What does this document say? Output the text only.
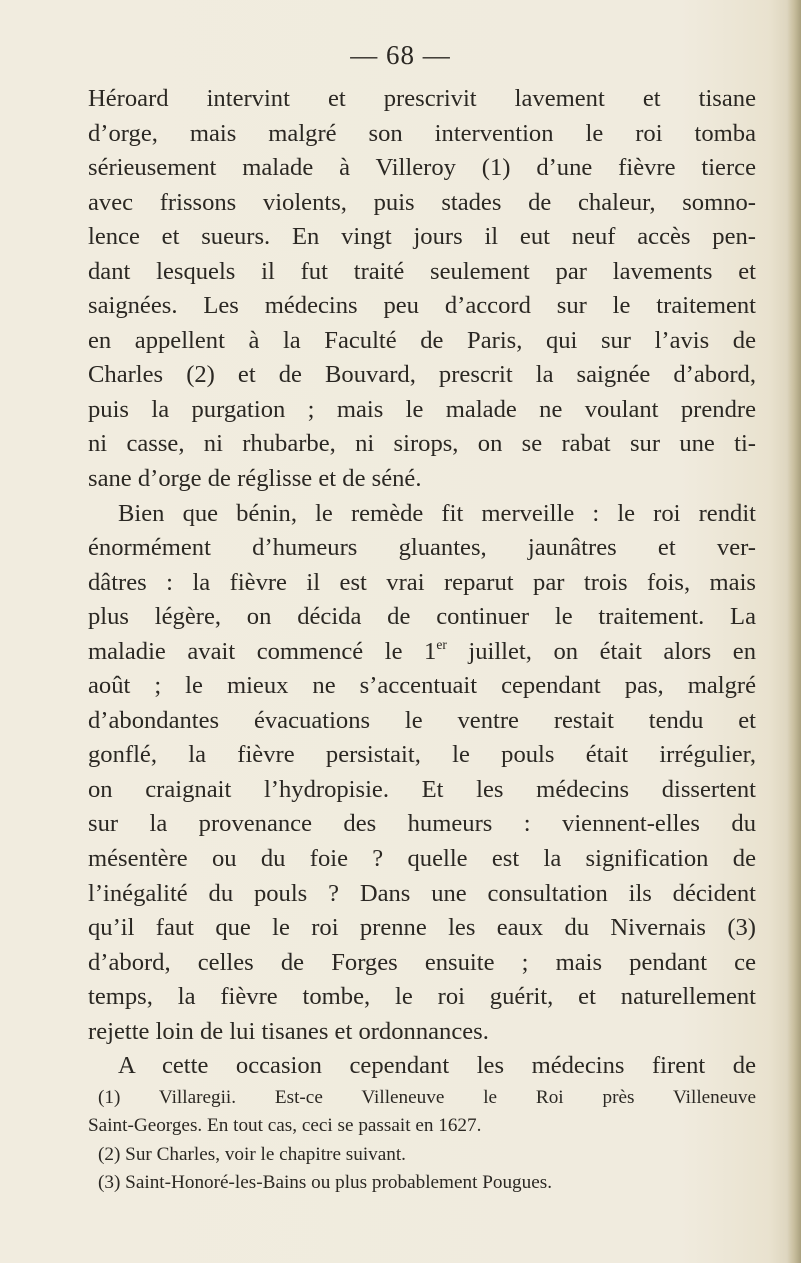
— 68 —
Héroard intervint et prescrivit lavement et tisane
d’orge, mais malgré son intervention le roi tomba
sérieusement malade à Villeroy (1) d’une fièvre tierce
avec frissons violents, puis stades de chaleur, somno-
lence et sueurs. En vingt jours il eut neuf accès pen-
dant lesquels il fut traité seulement par lavements et
saignées. Les médecins peu d’accord sur le traitement
en appellent à la Faculté de Paris, qui sur l’avis de
Charles (2) et de Bouvard, prescrit la saignée d’abord,
puis la purgation ; mais le malade ne voulant prendre
ni casse, ni rhubarbe, ni sirops, on se rabat sur une ti-
sane d’orge de réglisse et de séné.
Bien que bénin, le remède fit merveille : le roi rendit
énormément d’humeurs gluantes, jaunâtres et ver-
dâtres : la fièvre il est vrai reparut par trois fois, mais
plus légère, on décida de continuer le traitement. La
maladie avait commencé le 1er juillet, on était alors en
août ; le mieux ne s’accentuait cependant pas, malgré
d’abondantes évacuations le ventre restait tendu et
gonflé, la fièvre persistait, le pouls était irrégulier,
on craignait l’hydropisie. Et les médecins dissertent
sur la provenance des humeurs : viennent-elles du
mésentère ou du foie ? quelle est la signification de
l’inégalité du pouls ? Dans une consultation ils décident
qu’il faut que le roi prenne les eaux du Nivernais (3)
d’abord, celles de Forges ensuite ; mais pendant ce
temps, la fièvre tombe, le roi guérit, et naturellement
rejette loin de lui tisanes et ordonnances.
A cette occasion cependant les médecins firent de
(1) Villaregii. Est-ce Villeneuve le Roi près Villeneuve
Saint-Georges. En tout cas, ceci se passait en 1627.
(2) Sur Charles, voir le chapitre suivant.
(3) Saint-Honoré-les-Bains ou plus probablement Pougues.
